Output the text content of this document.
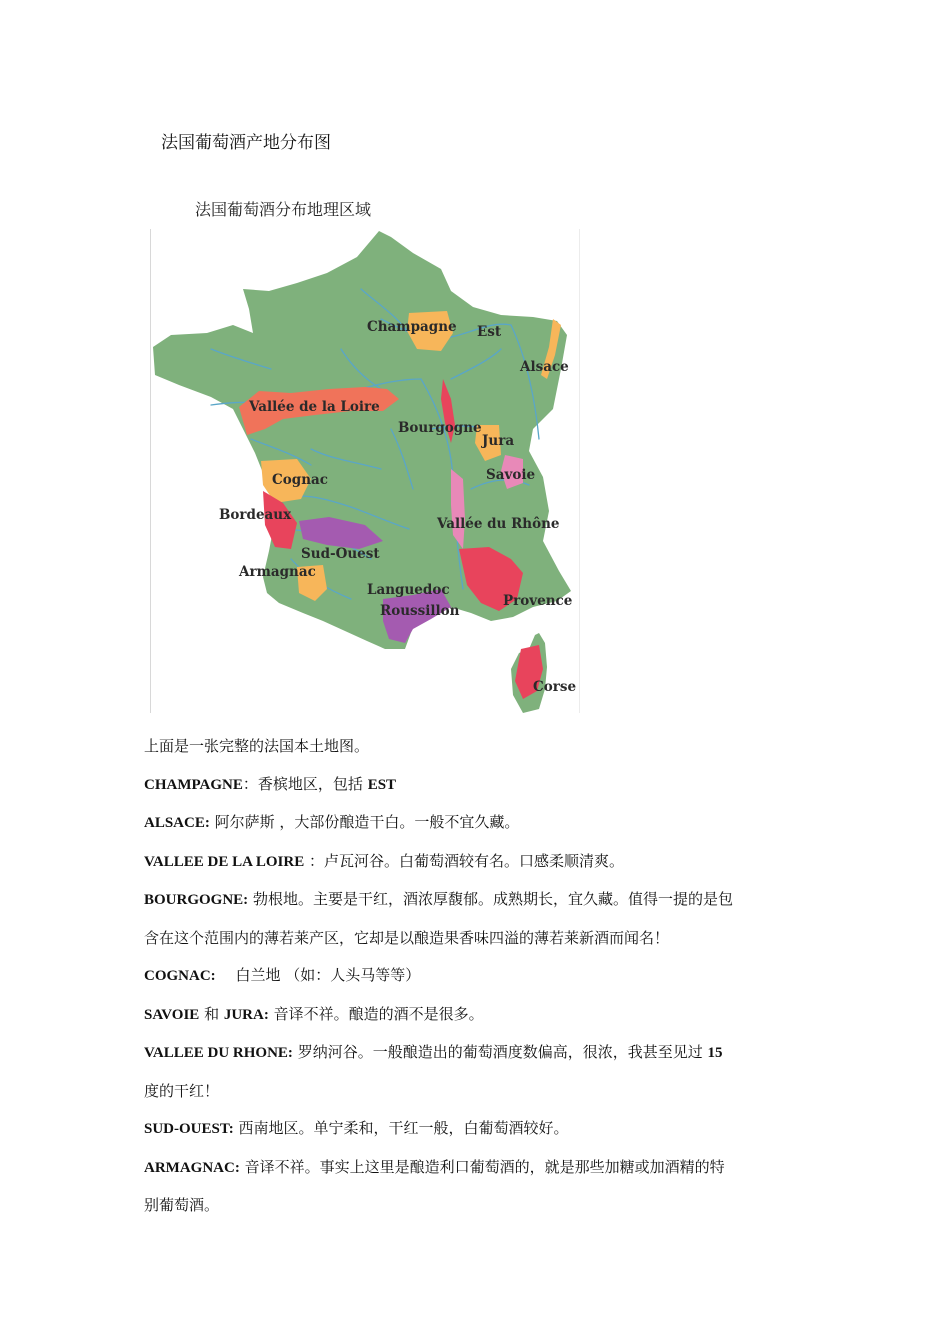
法国葡萄酒产地分布图
法国葡萄酒分布地理区域
Champagne Est
Alsace
Vallée de la Loire
Bourgogne
Jura
Savoie
Cognac
Bordeaux
Vallée du Rhône
Sud-Ouest
Armagnac
Languedoc
Roussillon
Provence
Corse

上面是一张完整的法国本土地图。

CHAMPAGNE：香槟地区，包括 EST

ALSACE: 阿尔萨斯 ，大部份酿造干白。一般不宜久藏。

VALLEE DE LA LOIRE ：卢瓦河谷。白葡萄酒较有名。口感柔顺清爽。

BOURGOGNE: 勃根地。主要是干红，酒浓厚馥郁。成熟期长，宜久藏。值得一提的是包
含在这个范围内的薄若莱产区，它却是以酿造果香味四溢的薄若莱新酒而闻名！

COGNAC:　 白兰地 （如：人头马等等）

SAVOIE 和 JURA: 音译不祥。酿造的酒不是很多。

VALLEE DU RHONE: 罗纳河谷。一般酿造出的葡萄酒度数偏高，很浓，我甚至见过 15
度的干红！

SUD-OUEST: 西南地区。单宁柔和，干红一般，白葡萄酒较好。

ARMAGNAC: 音译不祥。事实上这里是酿造利口葡萄酒的，就是那些加糖或加酒精的特
别葡萄酒。
